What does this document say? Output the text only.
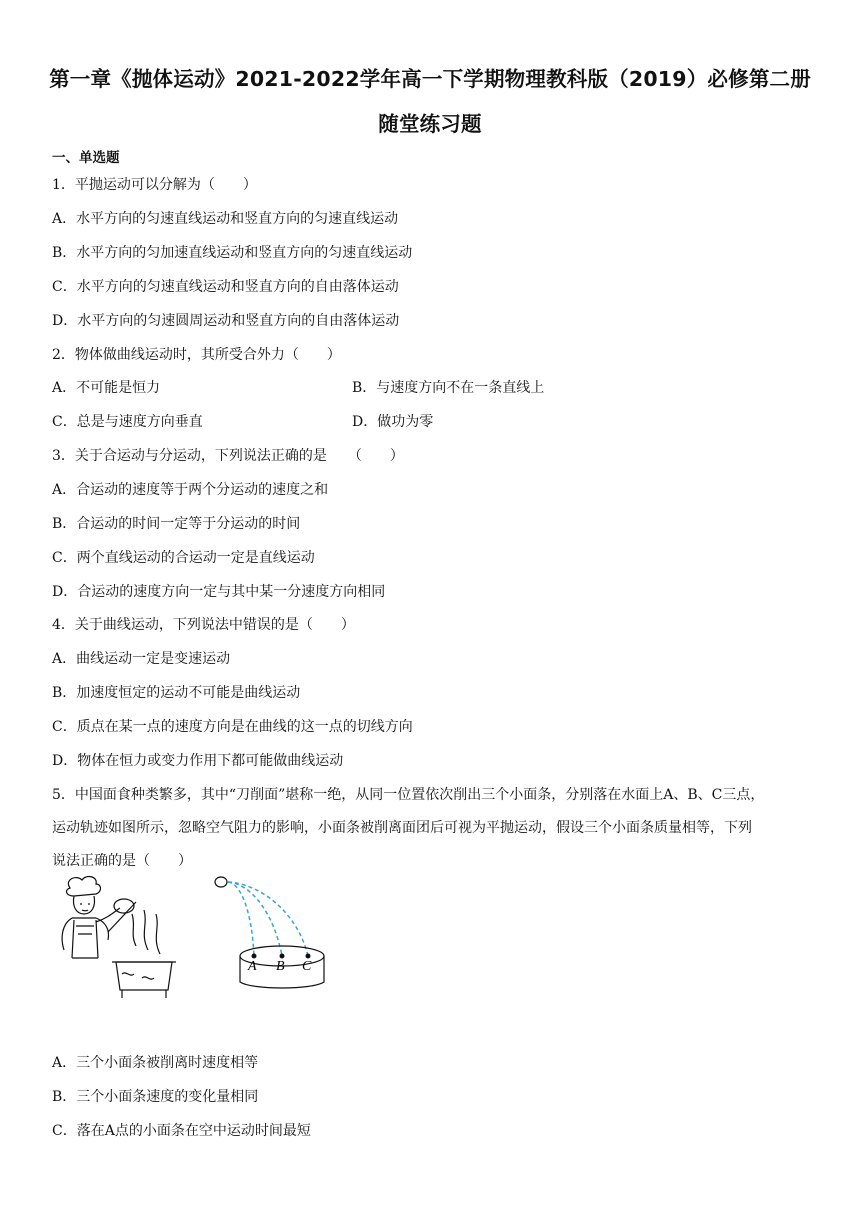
第一章《抛体运动》2021-2022学年高一下学期物理教科版（2019）必修第二册
随堂练习题
一、单选题
1．平抛运动可以分解为（　　）
A．水平方向的匀速直线运动和竖直方向的匀速直线运动
B．水平方向的匀加速直线运动和竖直方向的匀速直线运动
C．水平方向的匀速直线运动和竖直方向的自由落体运动
D．水平方向的匀速圆周运动和竖直方向的自由落体运动
2．物体做曲线运动时，其所受合外力（　　）
A．不可能是恒力	B．与速度方向不在一条直线上
C．总是与速度方向垂直	D．做功为零
3．关于合运动与分运动，下列说法正确的是　　（　　）
A．合运动的速度等于两个分运动的速度之和
B．合运动的时间一定等于分运动的时间
C．两个直线运动的合运动一定是直线运动
D．合运动的速度方向一定与其中某一分速度方向相同
4．关于曲线运动，下列说法中错误的是（　　）
A．曲线运动一定是变速运动
B．加速度恒定的运动不可能是曲线运动
C．质点在某一点的速度方向是在曲线的这一点的切线方向
D．物体在恒力或变力作用下都可能做曲线运动
5．中国面食种类繁多，其中“刀削面”堪称一绝，从同一位置依次削出三个小面条，分别落在水面上A、B、C三点，
运动轨迹如图所示，忽略空气阻力的影响，小面条被削离面团后可视为平抛运动，假设三个小面条质量相等，下列
说法正确的是（　　）
A B C
A．三个小面条被削离时速度相等
B．三个小面条速度的变化量相同
C．落在A点的小面条在空中运动时间最短
